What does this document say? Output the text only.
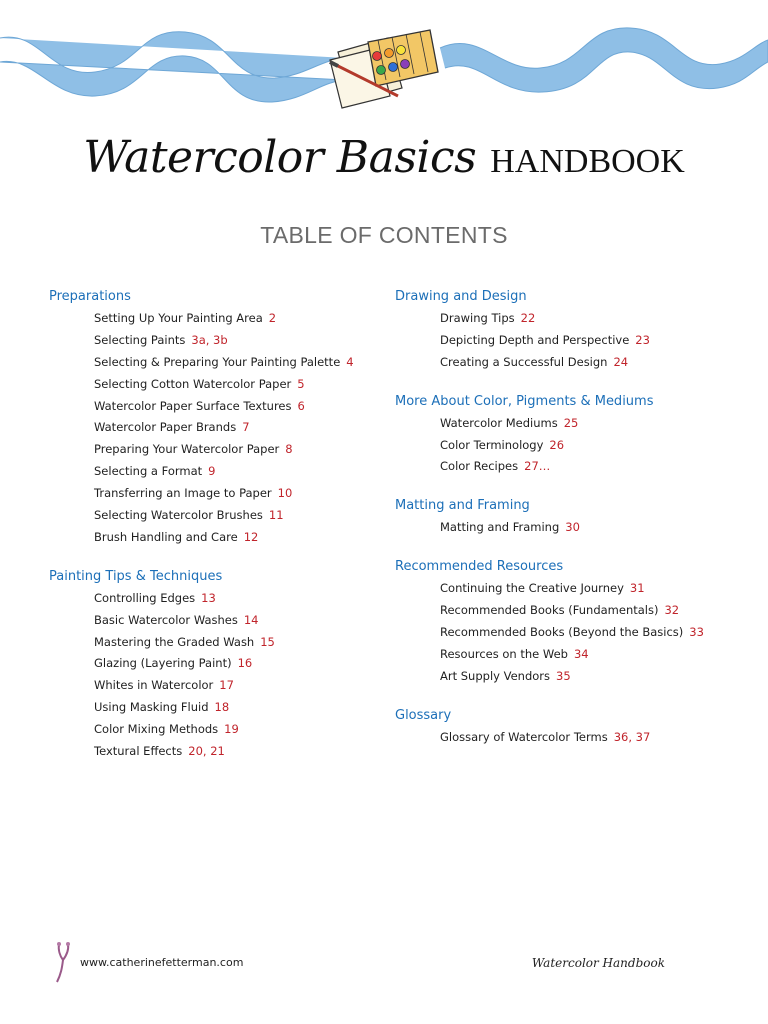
Watercolor Basics HANDBOOK
TABLE OF CONTENTS
Preparations
Setting Up Your Painting Area 2
Selecting Paints 3a, 3b
Selecting & Preparing Your Painting Palette 4
Selecting Cotton Watercolor Paper 5
Watercolor Paper Surface Textures 6
Watercolor Paper Brands 7
Preparing Your Watercolor Paper 8
Selecting a Format 9
Transferring an Image to Paper 10
Selecting Watercolor Brushes 11
Brush Handling and Care 12
Painting Tips & Techniques
Controlling Edges 13
Basic Watercolor Washes 14
Mastering the Graded Wash 15
Glazing (Layering Paint) 16
Whites in Watercolor 17
Using Masking Fluid 18
Color Mixing Methods 19
Textural Effects 20, 21
Drawing and Design
Drawing Tips 22
Depicting Depth and Perspective 23
Creating a Successful Design 24
More About Color, Pigments & Mediums
Watercolor Mediums 25
Color Terminology 26
Color Recipes 27…
Matting and Framing
Matting and Framing 30
Recommended Resources
Continuing the Creative Journey 31
Recommended Books (Fundamentals) 32
Recommended Books (Beyond the Basics) 33
Resources on the Web 34
Art Supply Vendors 35
Glossary
Glossary of Watercolor Terms 36, 37
www.catherinefetterman.com	Watercolor Handbook
